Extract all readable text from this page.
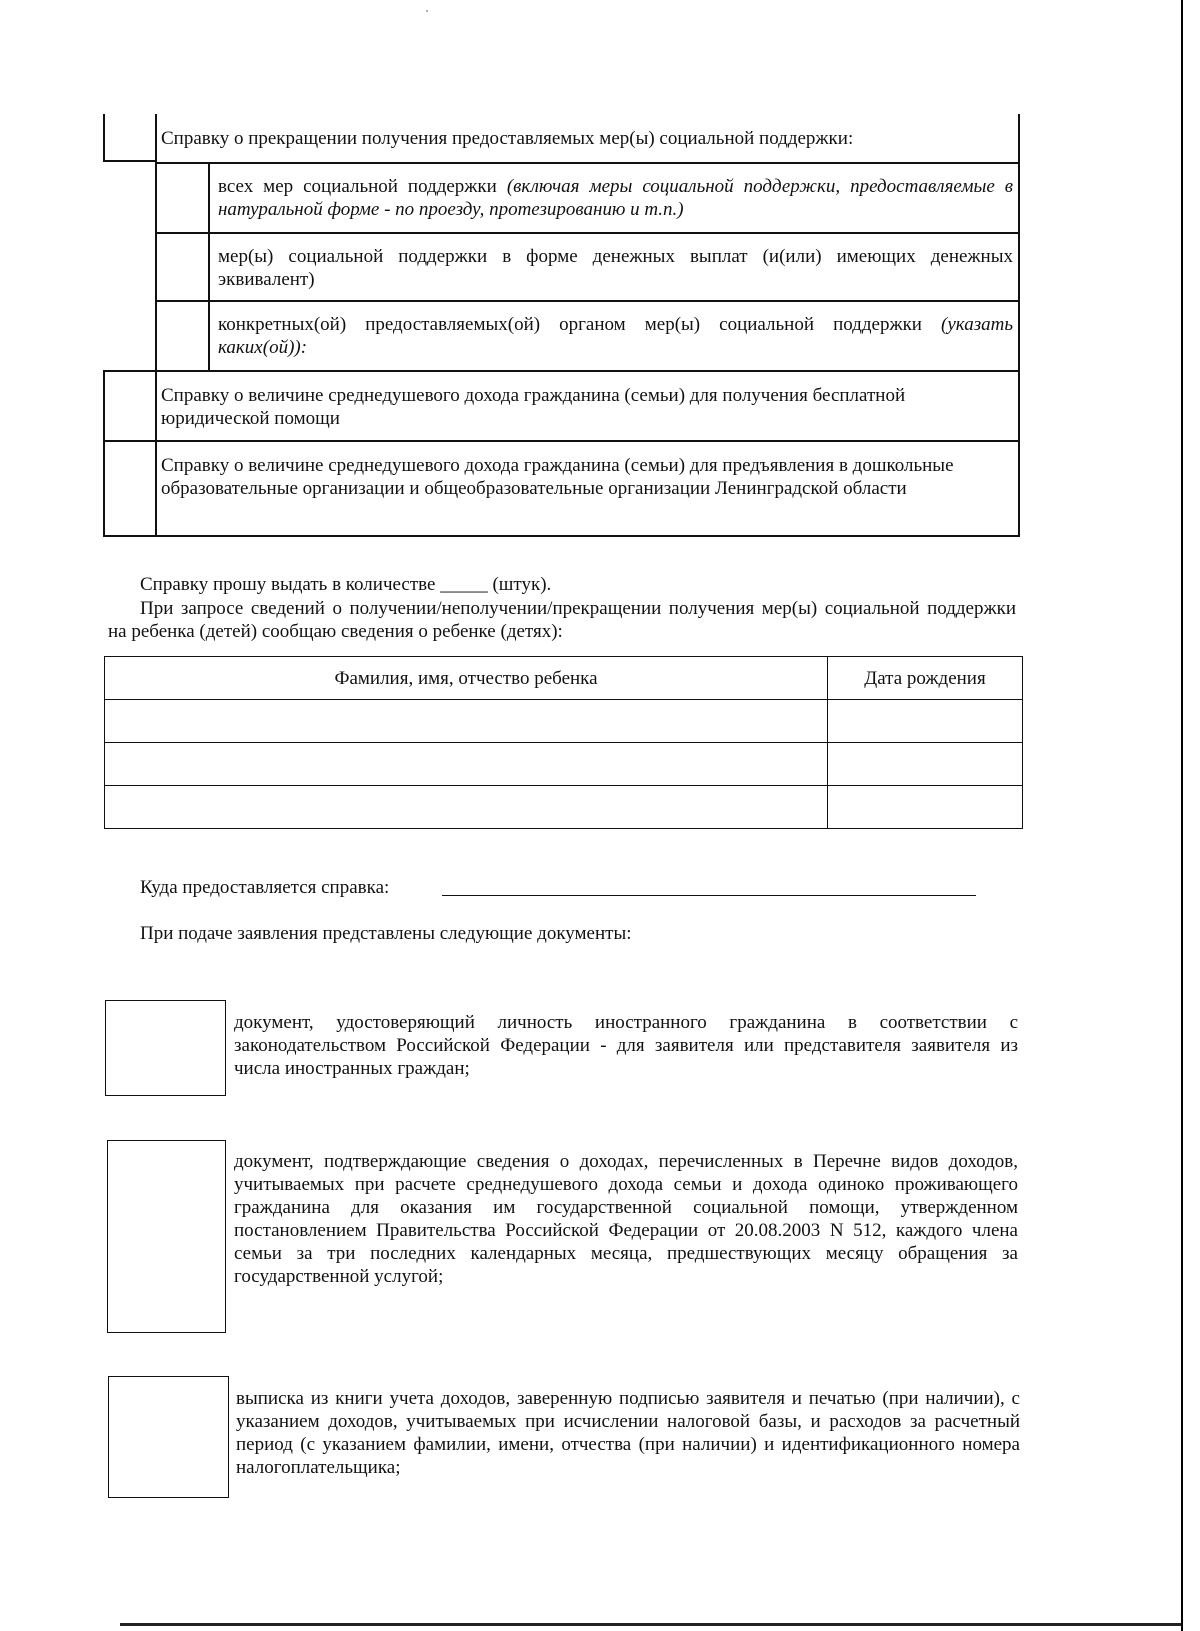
Справку о прекращении получения предоставляемых мер(ы) социальной поддержки:
всех мер социальной поддержки (включая меры социальной поддержки, предоставляемые в натуральной форме - по проезду, протезированию и т.п.)
мер(ы) социальной поддержки в форме денежных выплат (и(или) имеющих денежных эквивалент)
конкретных(ой) предоставляемых(ой) органом мер(ы) социальной поддержки (указать каких(ой)):
Справку о величине среднедушевого дохода гражданина (семьи) для получения бесплатной юридической помощи
Справку о величине среднедушевого дохода гражданина (семьи) для предъявления в дошкольные образовательные организации и общеобразовательные организации Ленинградской области
Справку прошу выдать в количестве _____ (штук).
При запросе сведений о получении/неполучении/прекращении получения мер(ы) социальной поддержки на ребенка (детей) сообщаю сведения о ребенке (детях):
Фамилия, имя, отчество ребенка	Дата рождения

Куда предоставляется справка:
При подаче заявления представлены следующие документы:
документ, удостоверяющий личность иностранного гражданина в соответствии с законодательством Российской Федерации - для заявителя или представителя заявителя из числа иностранных граждан;
документ, подтверждающие сведения о доходах, перечисленных в Перечне видов доходов, учитываемых при расчете среднедушевого дохода семьи и дохода одиноко проживающего гражданина для оказания им государственной социальной помощи, утвержденном постановлением Правительства Российской Федерации от 20.08.2003 N 512, каждого члена семьи за три последних календарных месяца, предшествующих месяцу обращения за государственной услугой;
выписка из книги учета доходов, заверенную подписью заявителя и печатью (при наличии), с указанием доходов, учитываемых при исчислении налоговой базы, и расходов за расчетный период (с указанием фамилии, имени, отчества (при наличии) и идентификационного номера налогоплательщика;
